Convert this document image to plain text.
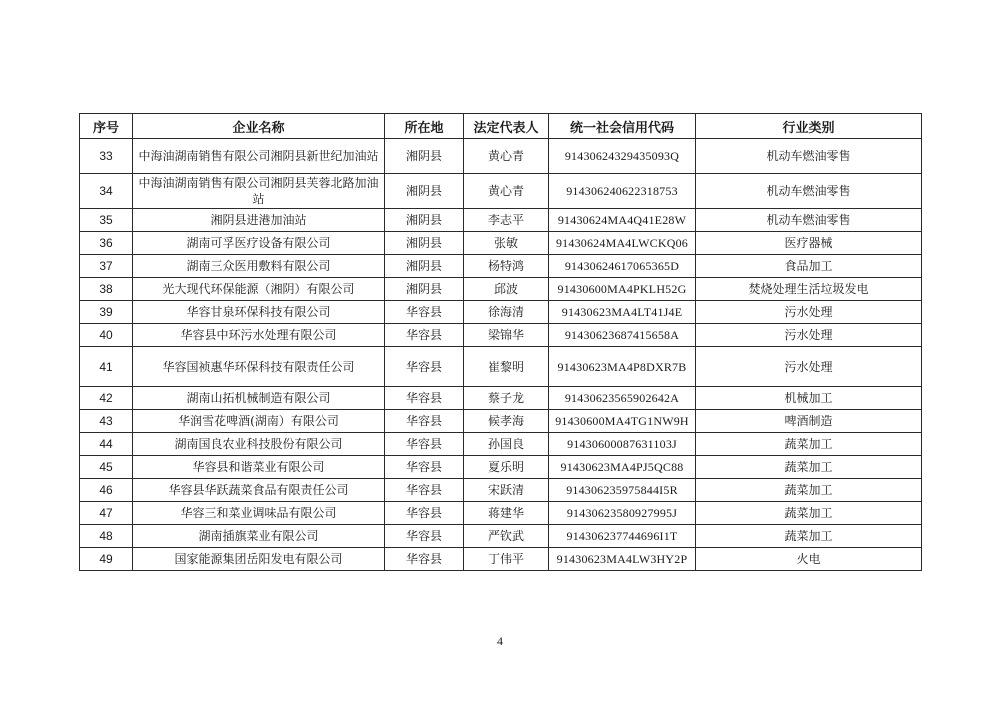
序号	企业名称	所在地	法定代表人	统一社会信用代码	行业类别
33	中海油湖南销售有限公司湘阴县新世纪加油站	湘阴县	黄心青	91430624329435093Q	机动车燃油零售
34	中海油湖南销售有限公司湘阴县芙蓉北路加油站	湘阴县	黄心青	914306240622318753	机动车燃油零售
35	湘阴县进港加油站	湘阴县	李志平	91430624MA4Q41E28W	机动车燃油零售
36	湖南可孚医疗设备有限公司	湘阴县	张敏	91430624MA4LWCKQ06	医疗器械
37	湖南三众医用敷料有限公司	湘阴县	杨特鸿	91430624617065365D	食品加工
38	光大现代环保能源（湘阴）有限公司	湘阴县	邱波	91430600MA4PKLH52G	焚烧处理生活垃圾发电
39	华容甘泉环保科技有限公司	华容县	徐海清	91430623MA4LT41J4E	污水处理
40	华容县中环污水处理有限公司	华容县	梁锦华	91430623687415658A	污水处理
41	华容国祯惠华环保科技有限责任公司	华容县	崔黎明	91430623MA4P8DXR7B	污水处理
42	湖南山拓机械制造有限公司	华容县	蔡子龙	91430623565902642A	机械加工
43	华润雪花啤酒(湖南）有限公司	华容县	候孝海	91430600MA4TG1NW9H	啤酒制造
44	湖南国良农业科技股份有限公司	华容县	孙国良	91430600087631103J	蔬菜加工
45	华容县和谐菜业有限公司	华容县	夏乐明	91430623MA4PJ5QC88	蔬菜加工
46	华容县华跃蔬菜食品有限责任公司	华容县	宋跃清	914306235975844I5R	蔬菜加工
47	华容三和菜业调味品有限公司	华容县	蒋建华	91430623580927995J	蔬菜加工
48	湖南插旗菜业有限公司	华容县	严钦武	914306237744696I1T	蔬菜加工
49	国家能源集团岳阳发电有限公司	华容县	丁伟平	91430623MA4LW3HY2P	火电
4
